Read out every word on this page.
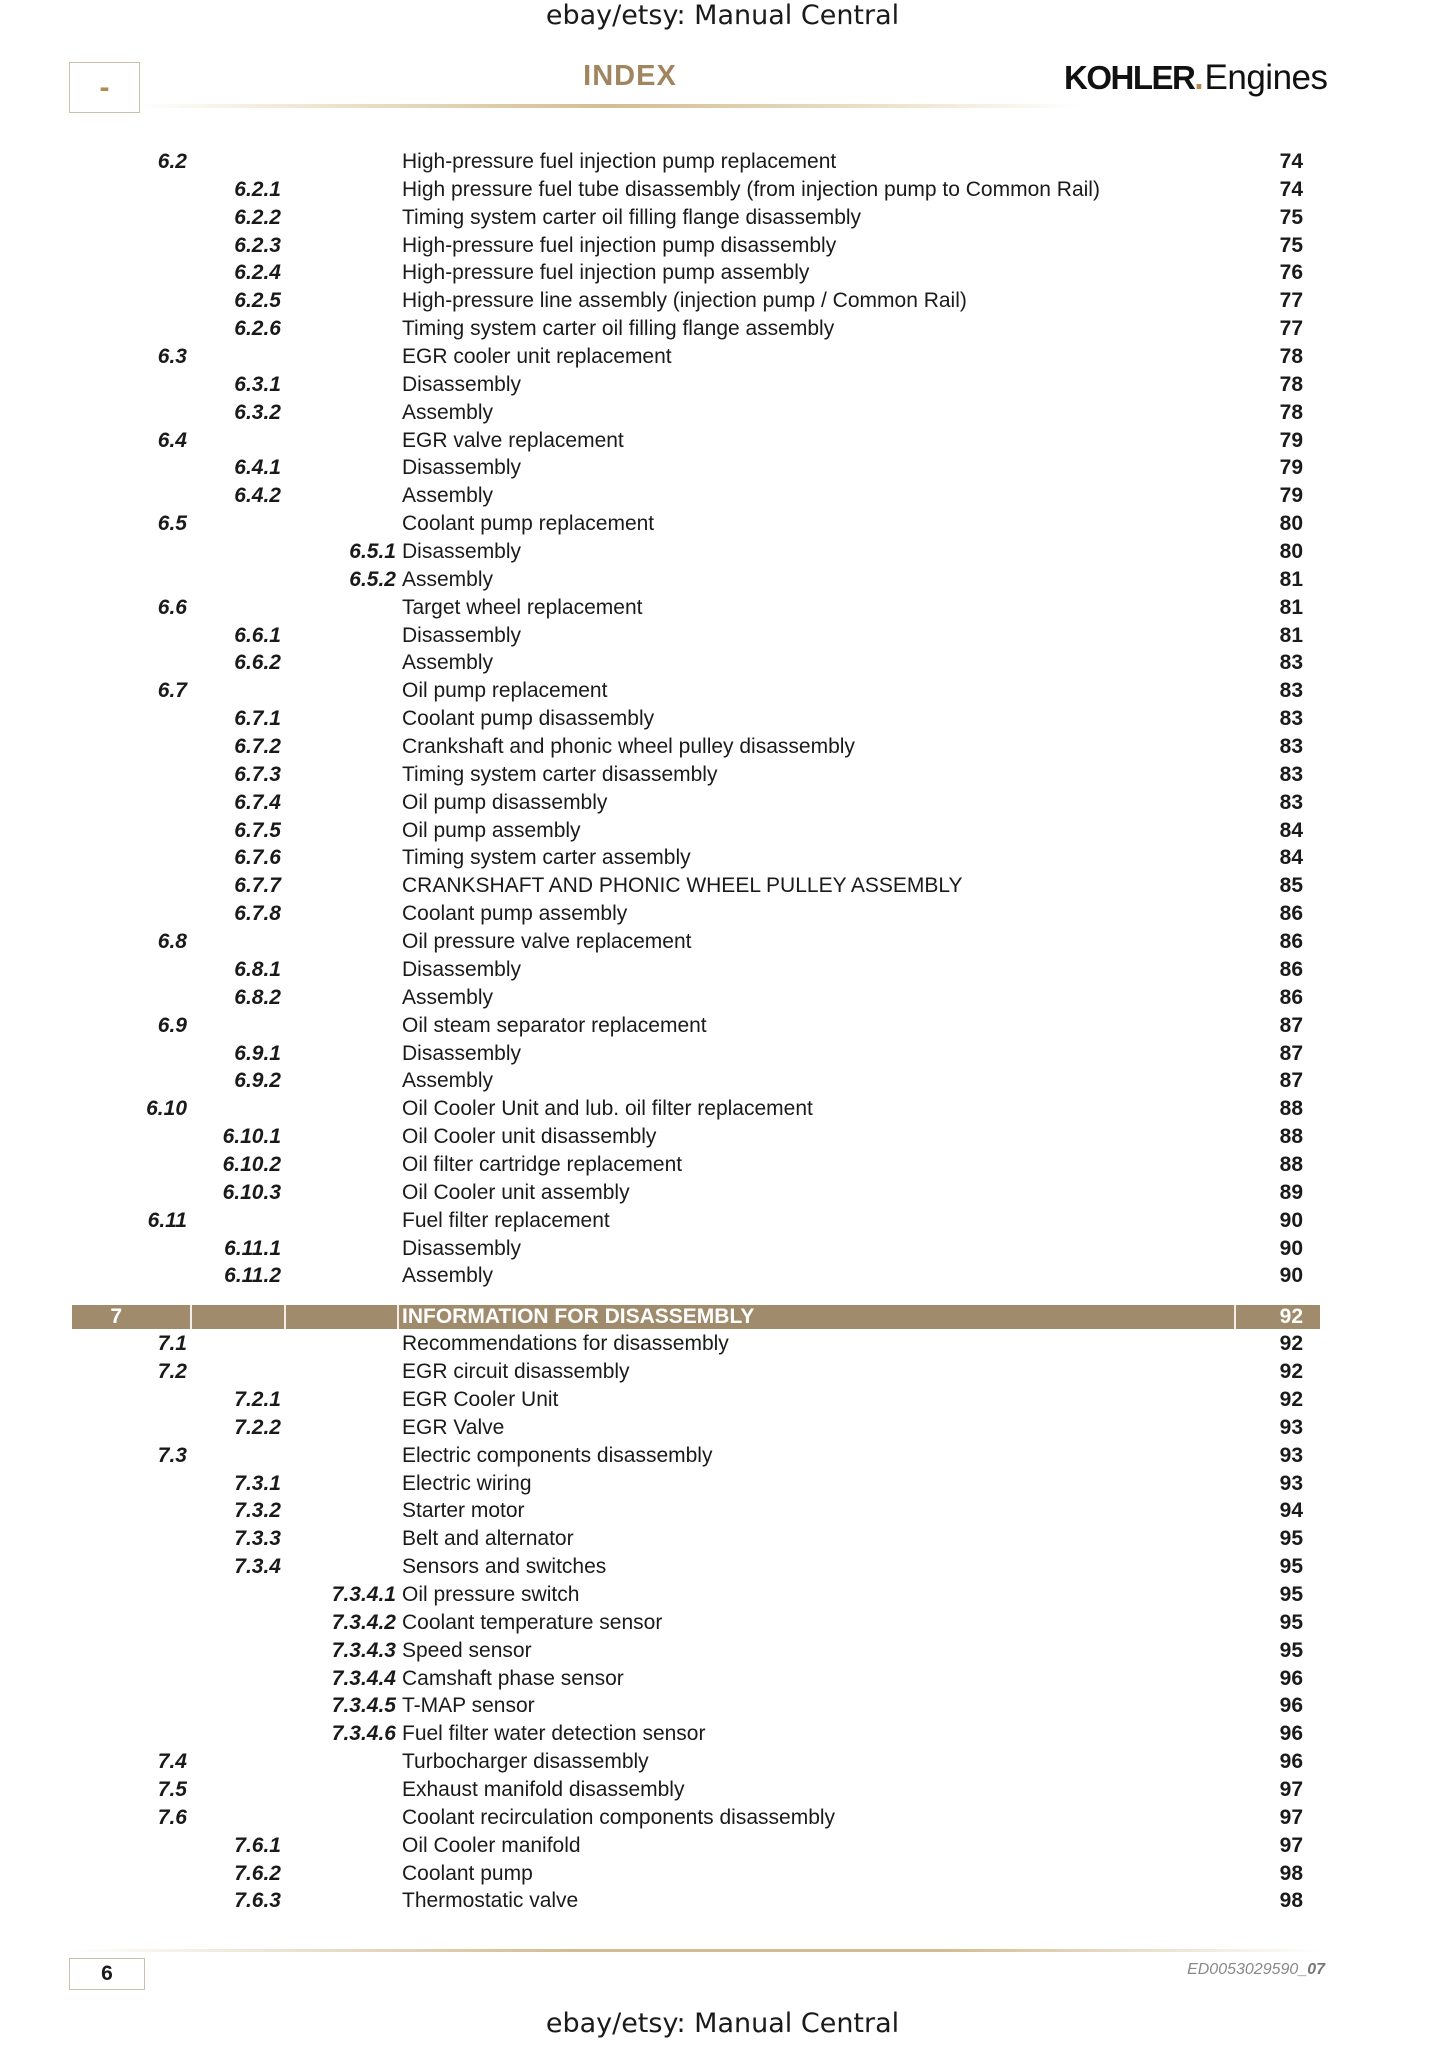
ebay/etsy: Manual Central
-	INDEX	KOHLER . Engines
6.2	High-pressure fuel injection pump replacement	74
6.2.1	High pressure fuel tube disassembly (from injection pump to Common Rail)	74
6.2.2	Timing system carter oil filling flange disassembly	75
6.2.3	High-pressure fuel injection pump disassembly	75
6.2.4	High-pressure fuel injection pump assembly	76
6.2.5	High-pressure line assembly (injection pump / Common Rail)	77
6.2.6	Timing system carter oil filling flange assembly	77
6.3	EGR cooler unit replacement	78
6.3.1	Disassembly	78
6.3.2	Assembly	78
6.4	EGR valve replacement	79
6.4.1	Disassembly	79
6.4.2	Assembly	79
6.5	Coolant pump replacement	80
6.5.1 Disassembly	80
6.5.2 Assembly	81
6.6	Target wheel replacement	81
6.6.1	Disassembly	81
6.6.2	Assembly	83
6.7	Oil pump replacement	83
6.7.1	Coolant pump disassembly	83
6.7.2	Crankshaft and phonic wheel pulley disassembly	83
6.7.3	Timing system carter disassembly	83
6.7.4	Oil pump disassembly	83
6.7.5	Oil pump assembly	84
6.7.6	Timing system carter assembly	84
6.7.7	CRANKSHAFT AND PHONIC WHEEL PULLEY ASSEMBLY	85
6.7.8	Coolant pump assembly	86
6.8	Oil pressure valve replacement	86
6.8.1	Disassembly	86
6.8.2	Assembly	86
6.9	Oil steam separator replacement	87
6.9.1	Disassembly	87
6.9.2	Assembly	87
6.10	Oil Cooler Unit and lub. oil filter replacement	88
6.10.1	Oil Cooler unit disassembly	88
6.10.2	Oil filter cartridge replacement	88
6.10.3	Oil Cooler unit assembly	89
6.11	Fuel filter replacement	90
6.11.1	Disassembly	90
6.11.2	Assembly	90
7	INFORMATION FOR DISASSEMBLY	92
7.1	Recommendations for disassembly	92
7.2	EGR circuit disassembly	92
7.2.1	EGR Cooler Unit	92
7.2.2	EGR Valve	93
7.3	Electric components disassembly	93
7.3.1	Electric wiring	93
7.3.2	Starter motor	94
7.3.3	Belt and alternator	95
7.3.4	Sensors and switches	95
7.3.4.1 Oil pressure switch	95
7.3.4.2 Coolant temperature sensor	95
7.3.4.3 Speed sensor	95
7.3.4.4 Camshaft phase sensor	96
7.3.4.5 T-MAP sensor	96
7.3.4.6 Fuel filter water detection sensor	96
7.4	Turbocharger disassembly	96
7.5	Exhaust manifold disassembly	97
7.6	Coolant recirculation components disassembly	97
7.6.1	Oil Cooler manifold	97
7.6.2	Coolant pump	98
7.6.3	Thermostatic valve	98
6	ED0053029590_07
ebay/etsy: Manual Central
